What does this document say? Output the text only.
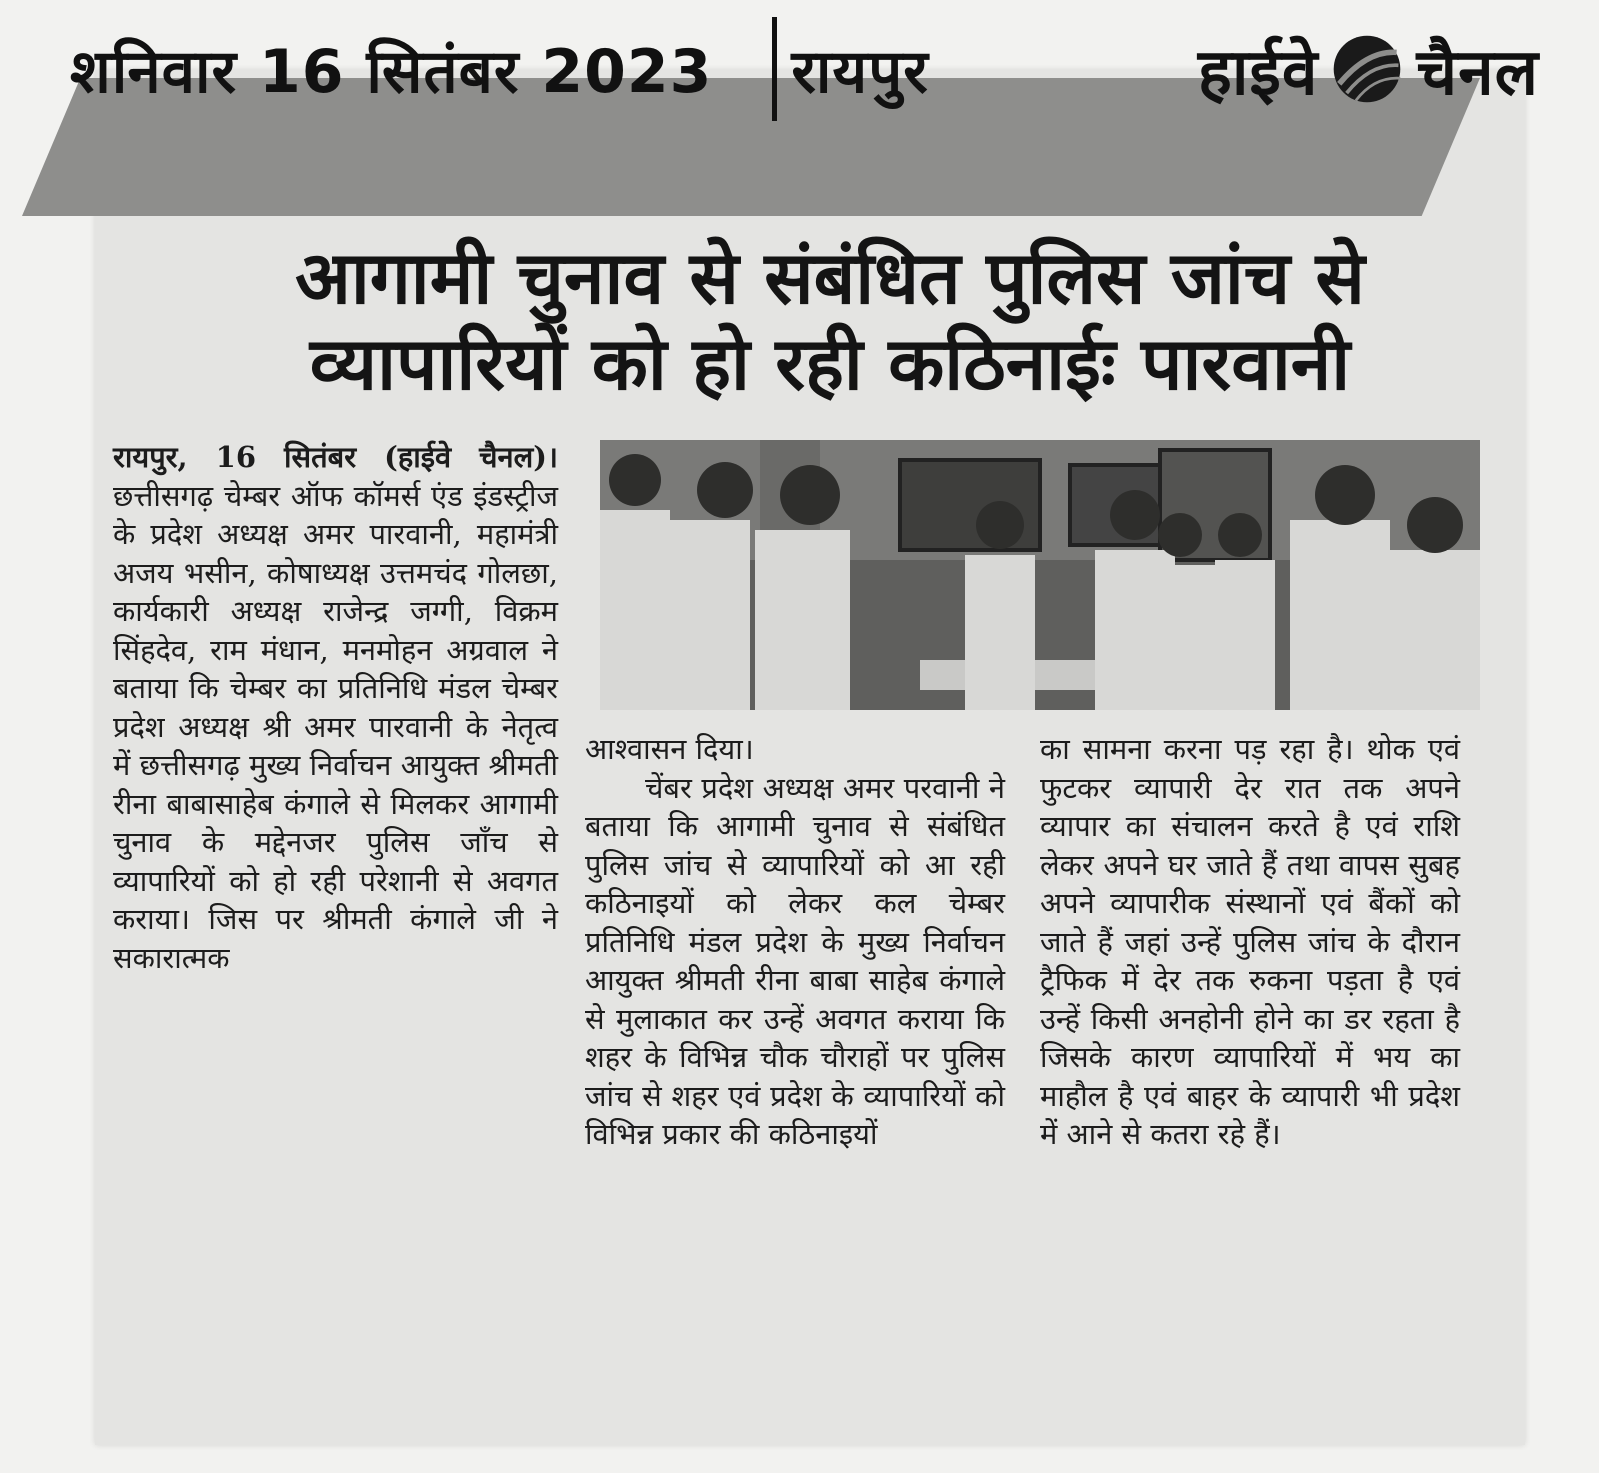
शनिवार 16 सितंबर 2023 रायपुर	हाईवे चैनल
आगामी चुनाव से संबंधित पुलिस जांच से
व्यापारियों को हो रही कठिनाईः पारवानी

रायपुर, 16 सितंबर (हाईवे चैनल)। छत्तीसगढ़ चेम्बर ऑफ कॉमर्स एंड इंडस्ट्रीज के प्रदेश अध्यक्ष अमर पारवानी, महामंत्री अजय भसीन, कोषाध्यक्ष उत्तमचंद गोलछा, कार्यकारी अध्यक्ष राजेन्द्र जग्गी, विक्रम सिंहदेव, राम मंधान, मनमोहन अग्रवाल ने बताया कि चेम्बर का प्रतिनिधि मंडल चेम्बर प्रदेश अध्यक्ष श्री अमर पारवानी के नेतृत्व में छत्तीसगढ़ मुख्य निर्वाचन आयुक्त श्रीमती रीना बाबासाहेब कंगाले से मिलकर आगामी चुनाव के मद्देनजर पुलिस जाँच से व्यापारियों को हो रही परेशानी से अवगत कराया। जिस पर श्रीमती कंगाले जी ने सकारात्मक

आश्वासन दिया।

चेंबर प्रदेश अध्यक्ष अमर परवानी ने बताया कि आगामी चुनाव से संबंधित पुलिस जांच से व्यापारियों को आ रही कठिनाइयों को लेकर कल चेम्बर प्रतिनिधि मंडल प्रदेश के मुख्य निर्वाचन आयुक्त श्रीमती रीना बाबा साहेब कंगाले से मुलाकात कर उन्हें अवगत कराया कि शहर के विभिन्न चौक चौराहों पर पुलिस जांच से शहर एवं प्रदेश के व्यापारियों को विभिन्न प्रकार की कठिनाइयों

का सामना करना पड़ रहा है। थोक एवं फुटकर व्यापारी देर रात तक अपने व्यापार का संचालन करते है एवं राशि लेकर अपने घर जाते हैं तथा वापस सुबह अपने व्यापारीक संस्थानों एवं बैंकों को जाते हैं जहां उन्हें पुलिस जांच के दौरान ट्रैफिक में देर तक रुकना पड़ता है एवं उन्हें किसी अनहोनी होने का डर रहता है जिसके कारण व्यापारियों में भय का माहौल है एवं बाहर के व्यापारी भी प्रदेश में आने से कतरा रहे हैं।
